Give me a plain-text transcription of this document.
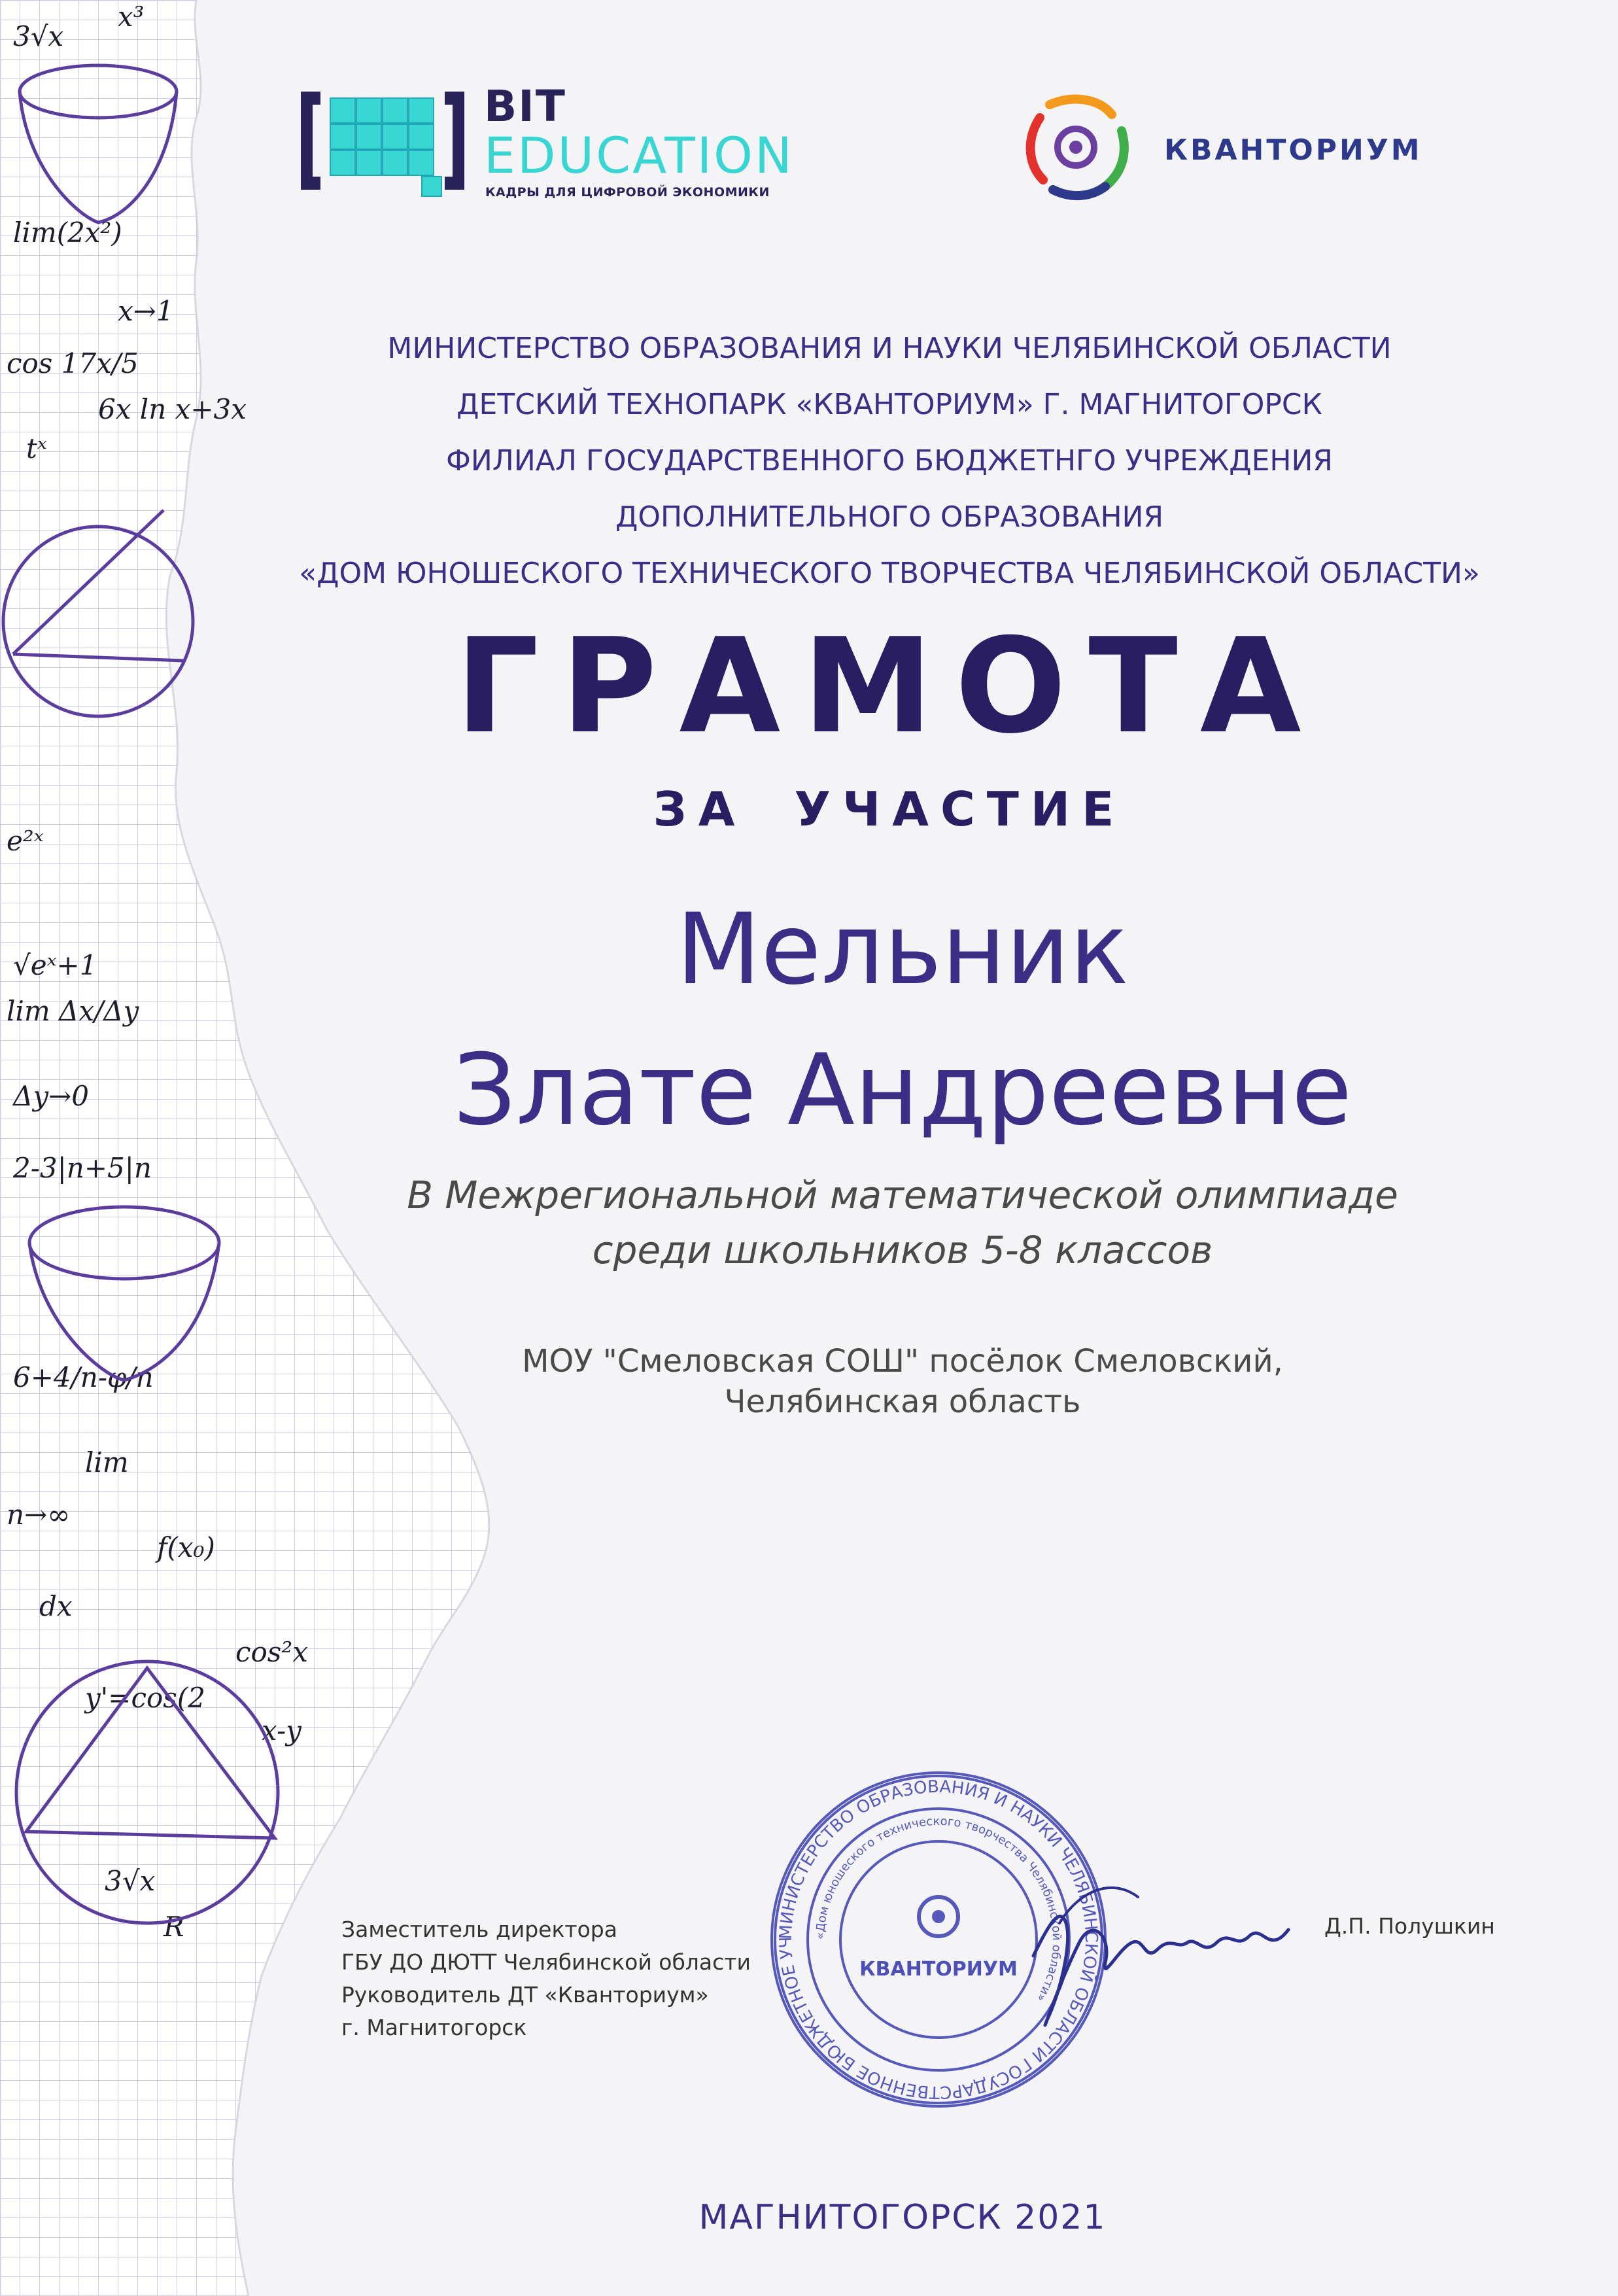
3√x
x³
lim(2x²)
x→1
cos 17x/5
6x ln x+3x
tˣ
e²ˣ
√eˣ+1
lim Δx/Δy
Δy→0
2-3|n+5|n
6+4/n-φ/n
lim
n→∞
f(x₀)
dx
cos²x
y'=cos(2
x-y
R
3√x
BIT
EDUCATION
КАДРЫ ДЛЯ ЦИФРОВОЙ ЭКОНОМИКИ
КВАНТОРИУМ
МИНИСТЕРСТВО ОБРАЗОВАНИЯ И НАУКИ ЧЕЛЯБИНСКОЙ ОБЛАСТИ
ДЕТСКИЙ ТЕХНОПАРК «КВАНТОРИУМ» Г. МАГНИТОГОРСК
ФИЛИАЛ ГОСУДАРСТВЕННОГО БЮДЖЕТНГО УЧРЕЖДЕНИЯ
ДОПОЛНИТЕЛЬНОГО ОБРАЗОВАНИЯ
«ДОМ ЮНОШЕСКОГО ТЕХНИЧЕСКОГО ТВОРЧЕСТВА ЧЕЛЯБИНСКОЙ ОБЛАСТИ»
ГРАМОТА
ЗА УЧАСТИЕ
Мельник
Злате Андреевне
В Межрегиональной математической олимпиаде
среди школьников 5-8 классов
МОУ "Смеловская СОШ" посёлок Смеловский,
Челябинская область
Заместитель директора
ГБУ ДО ДЮТТ Челябинской области
Руководитель ДТ «Кванториум»
г. Магнитогорск
МИНИСТЕРСТВО ОБРАЗОВАНИЯ И НАУКИ ЧЕЛЯБИНСКОЙ ОБЛАСТИ ГОСУДАРСТВЕННОЕ БЮДЖЕТНОЕ УЧ
«Дом юношеского технического творчества Челябинской области»
КВАНТОРИУМ
Д.П. Полушкин
МАГНИТОГОРСК 2021
